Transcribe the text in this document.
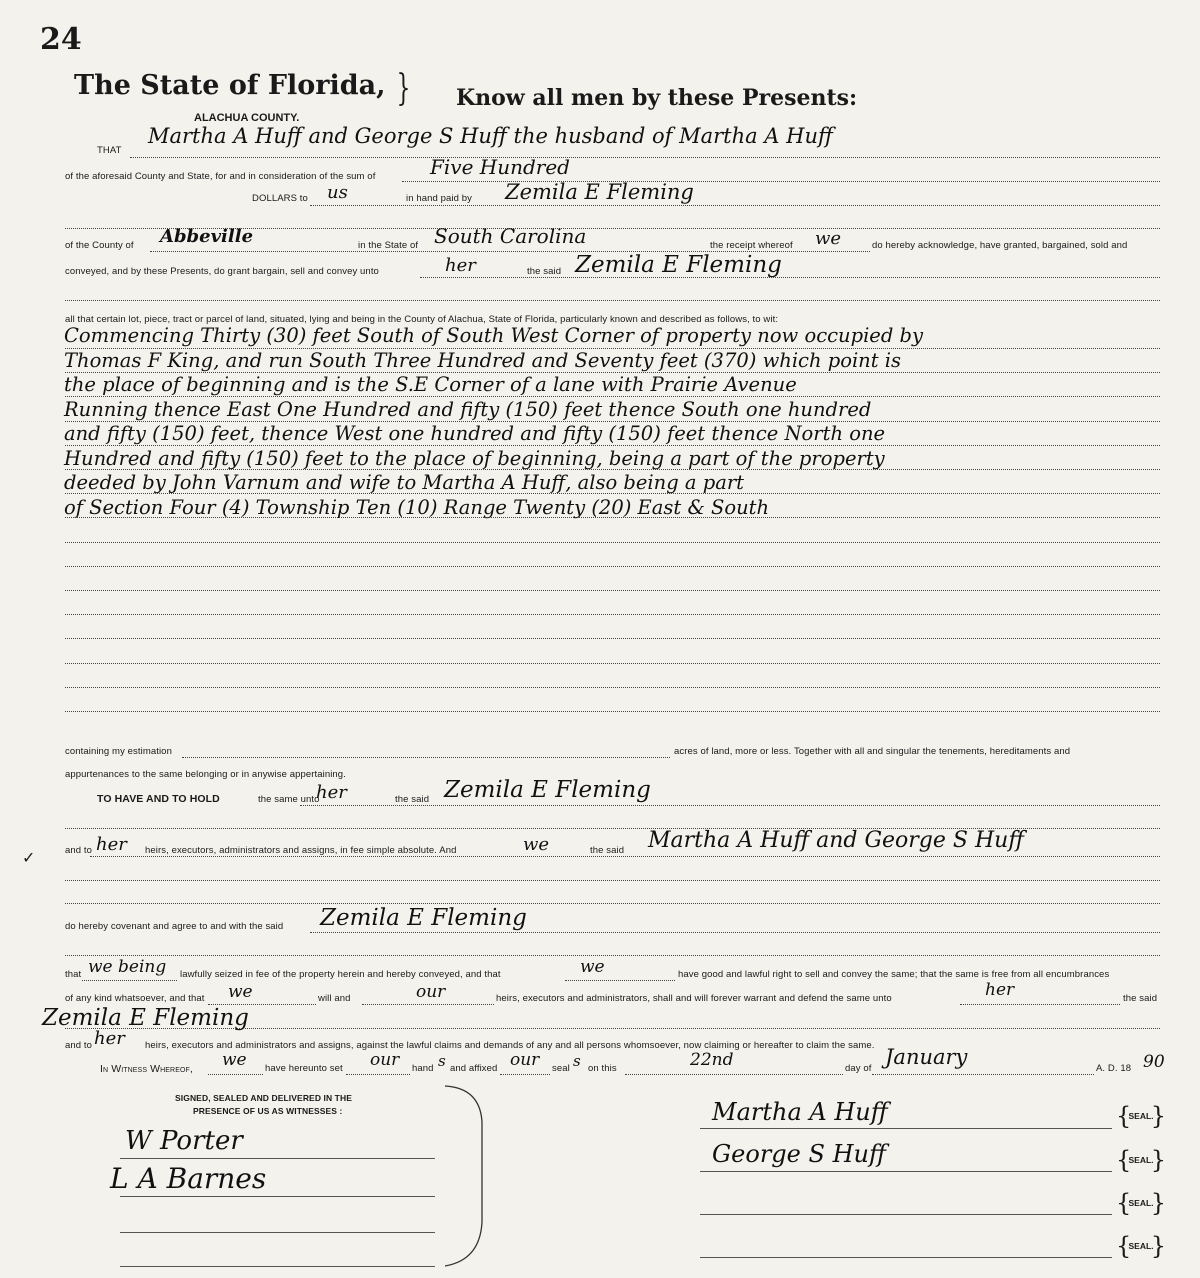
24
The State of Florida, } Know all men by these Presents:
ALACHUA COUNTY.
THAT
Martha A Huff and George S Huff the husband of Martha A Huff
of the aforesaid County and State, for and in consideration of the sum of	Five Hundred
DOLLARS to us	in hand paid by Zemila E Fleming
of the County of Abbeville	in the State of South Carolina	the receipt whereof we	do hereby acknowledge, have granted, bargained, sold and
conveyed, and by these Presents, do grant bargain, sell and convey unto	her	the said Zemila E Fleming
all that certain lot, piece, tract or parcel of land, situated, lying and being in the County of Alachua, State of Florida, particularly known and described as follows, to wit:
Commencing Thirty (30) feet South of South West Corner of property now occupied by
Thomas F King, and run South Three Hundred and Seventy feet (370) which point is
the place of beginning and is the S.E Corner of a lane with Prairie Avenue
Running thence East One Hundred and fifty (150) feet thence South one hundred
and fifty (150) feet, thence West one hundred and fifty (150) feet thence North one
Hundred and fifty (150) feet to the place of beginning, being a part of the property
deeded by John Varnum and wife to Martha A Huff, also being a part
of Section Four (4) Township Ten (10) Range Twenty (20) East & South
containing my estimation	acres of land, more or less. Together with all and singular the tenements, hereditaments and
appurtenances to the same belonging or in anywise appertaining.
TO HAVE AND TO HOLD	the same unto
her	the said Zemila E Fleming
and to her heirs, executors, administrators and assigns, in fee simple absolute. And	we	the said Martha A Huff and George S Huff
do hereby covenant and agree to and with the said Zemila E Fleming
that we being lawfully seized in fee of the property herein and hereby conveyed, and that	we	have good and lawful right to sell and convey the same; that the same is free from all encumbrances
of any kind whatsoever, and that we	will and	our	heirs, executors and administrators, shall and will forever warrant and defend the same unto	her	the said
Zemila E Fleming
and to her heirs, executors and administrators and assigns, against the lawful claims and demands of any and all persons whomsoever, now claiming or hereafter to claim the same.
In Witness Whereof, we have hereunto set our hand s and affixed our seal s on this	22nd	day of January	A. D. 18 90
SIGNED, SEALED AND DELIVERED IN THE
PRESENCE OF US AS WITNESSES :
W Porter
L A Barnes
Martha A Huff
George S Huff
{
SEAL.
}
{
SEAL.
}
{
SEAL.
}
{
SEAL.
}
✓
